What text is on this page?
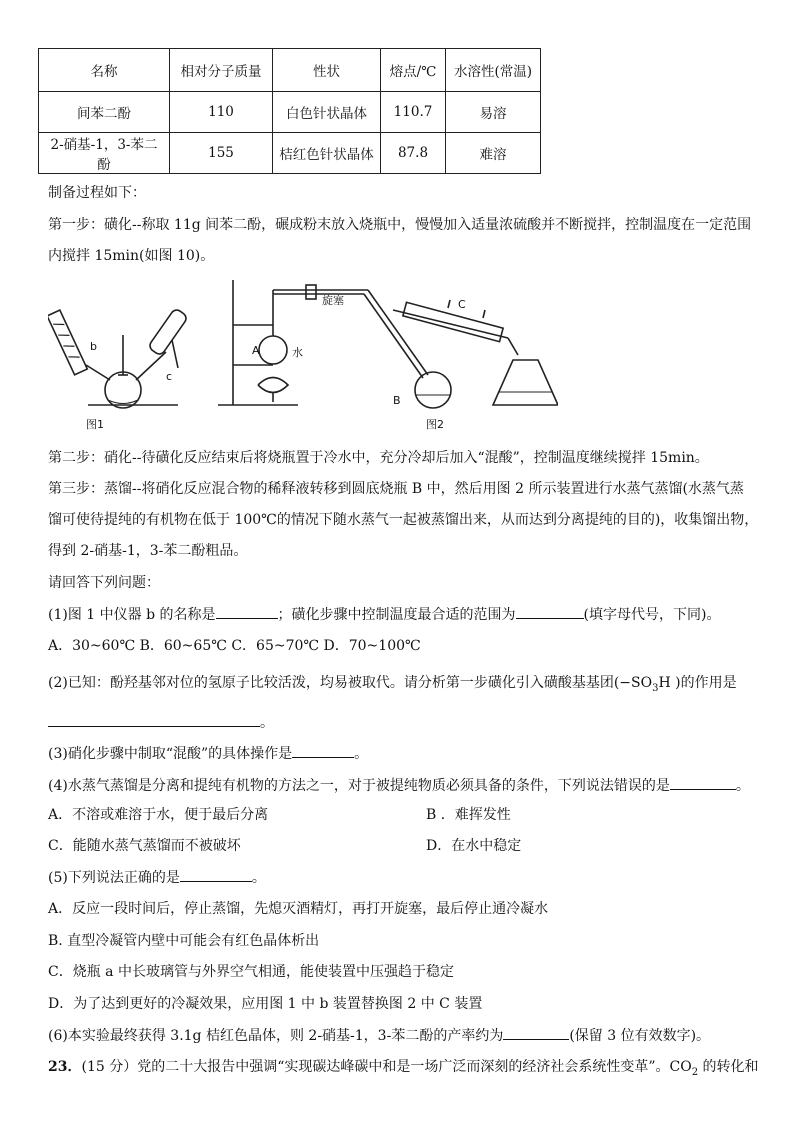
名称	相对分子质量	性状	熔点/℃	水溶性(常温)
间苯二酚	110	白色针状晶体	110.7	易溶
2-硝基-1，3-苯二酚	155	桔红色针状晶体	87.8	难溶
制备过程如下：
第一步：磺化--称取 11g 间苯二酚，碾成粉末放入烧瓶中，慢慢加入适量浓硫酸并不断搅拌，控制温度在一定范围
内搅拌 15min(如图 10)。
b
c
图1
旋塞
A	水
B
C
图2
第二步：硝化--待磺化反应结束后将烧瓶置于冷水中，充分冷却后加入“混酸”，控制温度继续搅拌 15min。
第三步：蒸馏--将硝化反应混合物的稀释液转移到圆底烧瓶 B 中，然后用图 2 所示装置进行水蒸气蒸馏(水蒸气蒸
馏可使待提纯的有机物在低于 100℃的情况下随水蒸气一起被蒸馏出来，从而达到分离提纯的目的)，收集馏出物，
得到 2-硝基-1，3-苯二酚粗品。
请回答下列问题：
(1)图 1 中仪器 b 的名称是	；磺化步骤中控制温度最合适的范围为	(填字母代号，下同)。
A．30~60℃ B．60~65℃ C．65~70℃ D．70~100℃
(2)已知：酚羟基邻对位的氢原子比较活泼，均易被取代。请分析第一步磺化引入磺酸基基团($-SO_3H$ )的作用是
。
(3)硝化步骤中制取“混酸”的具体操作是	。
(4)水蒸气蒸馏是分离和提纯有机物的方法之一，对于被提纯物质必须具备的条件，下列说法错误的是	。
A．不溶或难溶于水，便于最后分离	B ．难挥发性
C．能随水蒸气蒸馏而不被破坏	D．在水中稳定
(5)下列说法正确的是	。
A．反应一段时间后，停止蒸馏，先熄灭酒精灯，再打开旋塞，最后停止通冷凝水
B. 直型冷凝管内壁中可能会有红色晶体析出
C．烧瓶 a 中长玻璃管与外界空气相通，能使装置中压强趋于稳定
D．为了达到更好的冷凝效果，应用图 1 中 b 装置替换图 2 中 C 装置
(6)本实验最终获得 3.1g 桔红色晶体，则 2-硝基-1，3-苯二酚的产率约为	(保留 3 位有效数字)。
23．(15 分）党的二十大报告中强调“实现碳达峰碳中和是一场广泛而深刻的经济社会系统性变革”。$CO_2$ 的转化和
